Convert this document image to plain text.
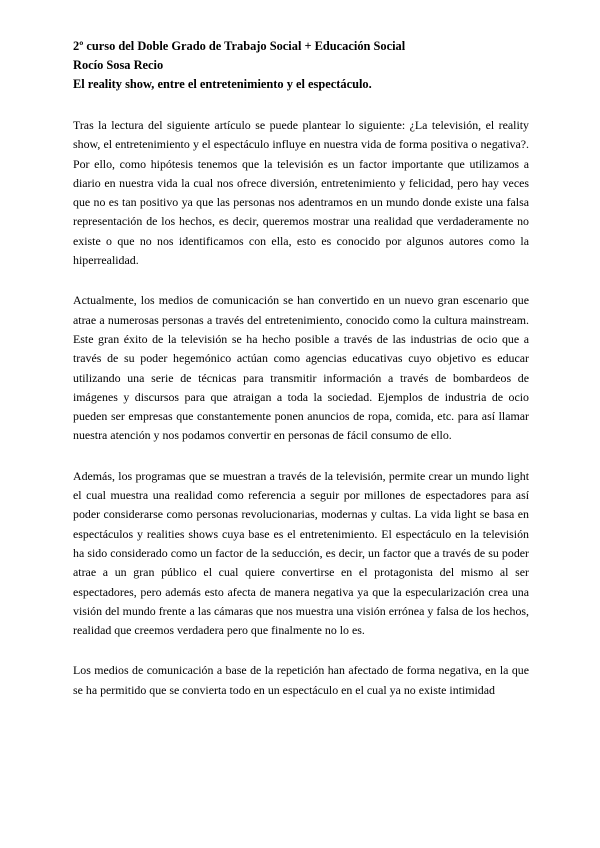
2º curso del Doble Grado de Trabajo Social + Educación Social

Rocío Sosa Recio

El reality show, entre el entretenimiento y el espectáculo.

Tras la lectura del siguiente artículo se puede plantear lo siguiente: ¿La televisión, el reality show, el entretenimiento y el espectáculo influye en nuestra vida de forma positiva o negativa?. Por ello, como hipótesis tenemos que la televisión es un factor importante que utilizamos a diario en nuestra vida la cual nos ofrece diversión, entretenimiento y felicidad, pero hay veces que no es tan positivo ya que las personas nos adentramos en un mundo donde existe una falsa representación de los hechos, es decir, queremos mostrar una realidad que verdaderamente no existe o que no nos identificamos con ella, esto es conocido por algunos autores como la hiperrealidad.

Actualmente, los medios de comunicación se han convertido en un nuevo gran escenario que atrae a numerosas personas a través del entretenimiento, conocido como la cultura mainstream. Este gran éxito de la televisión se ha hecho posible a través de las industrias de ocio que a través de su poder hegemónico actúan como agencias educativas cuyo objetivo es educar utilizando una serie de técnicas para transmitir información a través de bombardeos de imágenes y discursos para que atraigan a toda la sociedad. Ejemplos de industria de ocio pueden ser empresas que constantemente ponen anuncios de ropa, comida, etc. para así llamar nuestra atención y nos podamos convertir en personas de fácil consumo de ello.

Además, los programas que se muestran a través de la televisión, permite crear un mundo light el cual muestra una realidad como referencia a seguir por millones de espectadores para así poder considerarse como personas revolucionarias, modernas y cultas. La vida light se basa en espectáculos y realities shows cuya base es el entretenimiento. El espectáculo en la televisión ha sido considerado como un factor de la seducción, es decir, un factor que a través de su poder atrae a un gran público el cual quiere convertirse en el protagonista del mismo al ser espectadores, pero además esto afecta de manera negativa ya que la especularización crea una visión del mundo frente a las cámaras que nos muestra una visión errónea y falsa de los hechos, realidad que creemos verdadera pero que finalmente no lo es.

Los medios de comunicación a base de la repetición han afectado de forma negativa, en la que se ha permitido que se convierta todo en un espectáculo en el cual ya no existe intimidad
